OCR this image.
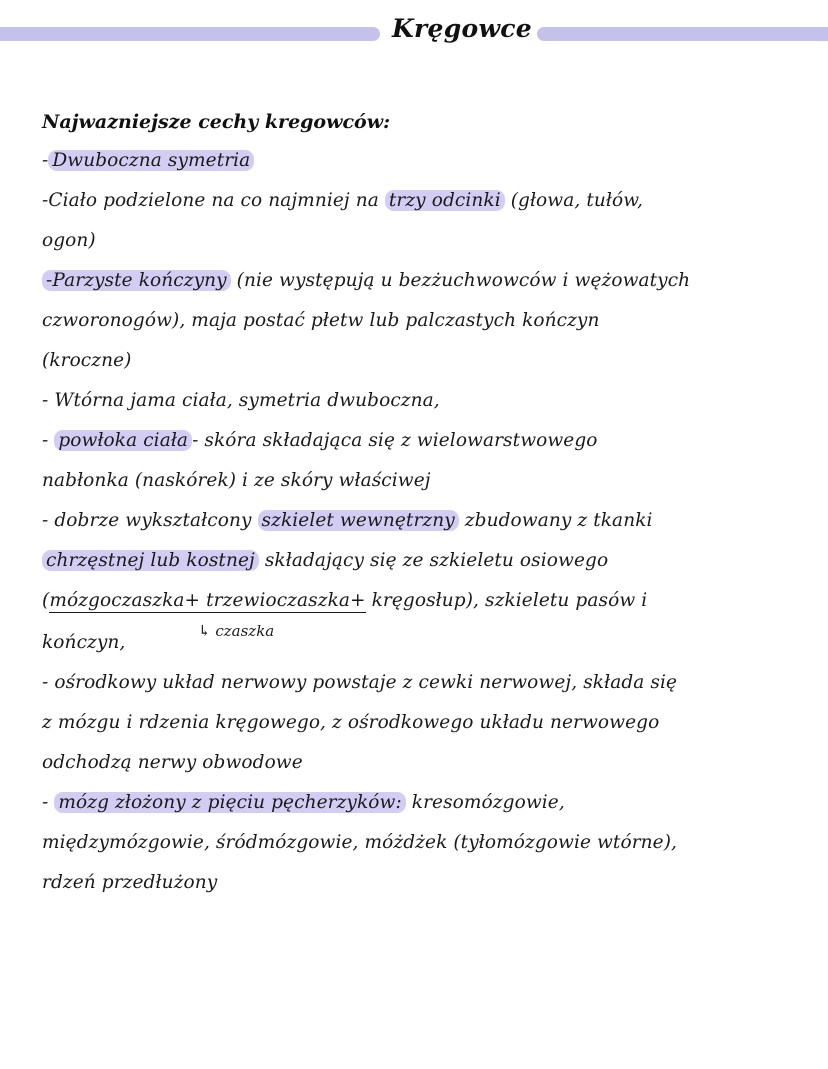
Kręgowce
Najwazniejsze cechy kregowców:
- Dwuboczna symetria
-Ciało podzielone na co najmniej na trzy odcinki (głowa, tułów,
ogon)
-Parzyste kończyny (nie występują u bezżuchwowców i wężowatych
czworonogów), maja postać płetw lub palczastych kończyn
(kroczne)
- Wtórna jama ciała, symetria dwuboczna,
- powłoka ciała - skóra składająca się z wielowarstwowego
nabłonka (naskórek) i ze skóry właściwej
- dobrze wykształcony szkielet wewnętrzny zbudowany z tkanki
chrzęstnej lub kostnej składający się ze szkieletu osiowego
(mózgoczaszka+ trzewioczaszka+ kręgosłup), szkieletu pasów i
↳ czaszka
kończyn,
- ośrodkowy układ nerwowy powstaje z cewki nerwowej, składa się
z mózgu i rdzenia kręgowego, z ośrodkowego układu nerwowego
odchodzą nerwy obwodowe
- mózg złożony z pięciu pęcherzyków: kresomózgowie,
międzymózgowie, śródmózgowie, móżdżek (tyłomózgowie wtórne),
rdzeń przedłużony
